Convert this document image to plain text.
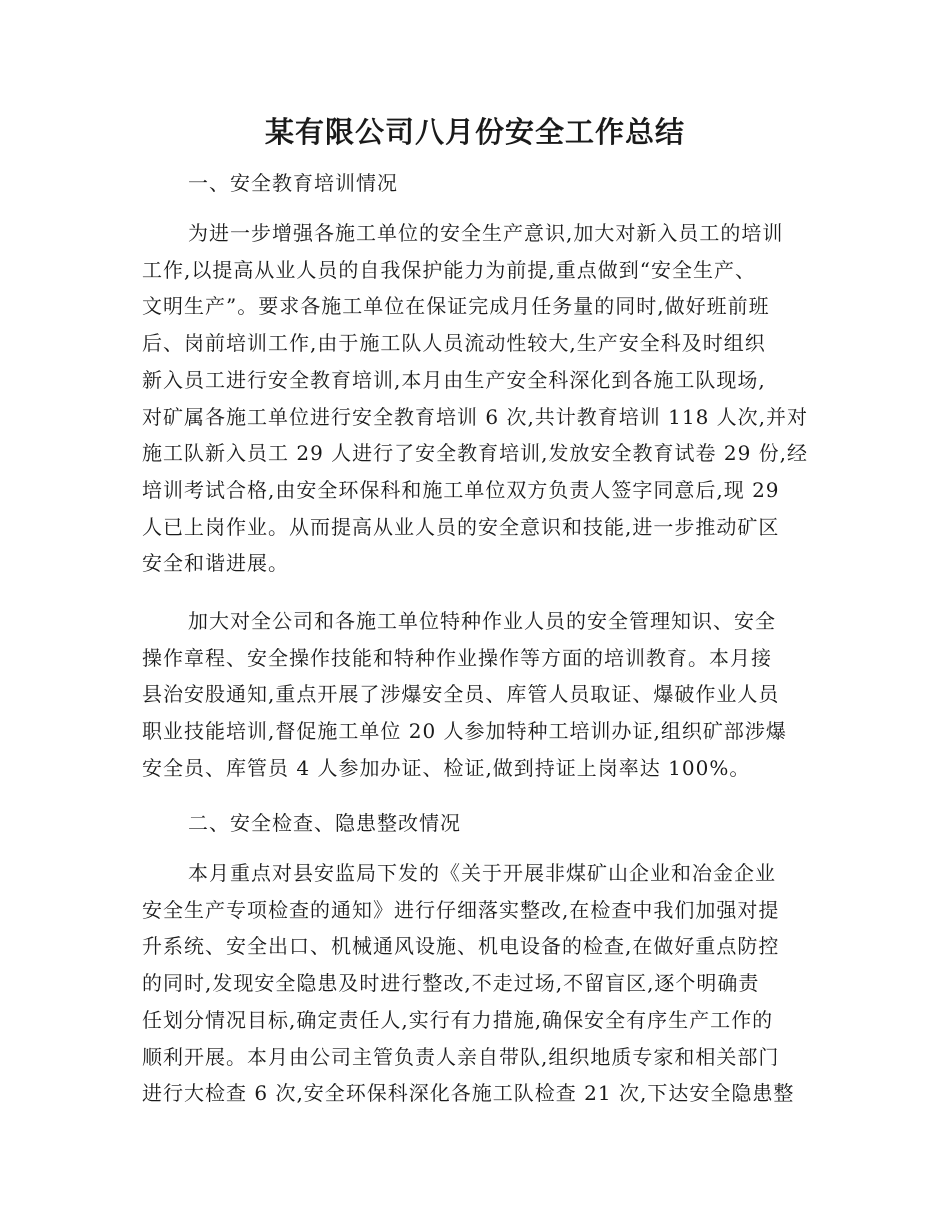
某有限公司八月份安全工作总结
一、安全教育培训情况

为进一步增强各施工单位的安全生产意识,加大对新入员工的培训
工作,以提高从业人员的自我保护能力为前提,重点做到“安全生产、
文明生产”。要求各施工单位在保证完成月任务量的同时,做好班前班
后、岗前培训工作,由于施工队人员流动性较大,生产安全科及时组织
新入员工进行安全教育培训,本月由生产安全科深化到各施工队现场,
对矿属各施工单位进行安全教育培训 6 次,共计教育培训 118 人次,并对
施工队新入员工 29 人进行了安全教育培训,发放安全教育试卷 29 份,经
培训考试合格,由安全环保科和施工单位双方负责人签字同意后,现 29
人已上岗作业。从而提高从业人员的安全意识和技能,进一步推动矿区
安全和谐进展。

加大对全公司和各施工单位特种作业人员的安全管理知识、安全
操作章程、安全操作技能和特种作业操作等方面的培训教育。本月接
县治安股通知,重点开展了涉爆安全员、库管人员取证、爆破作业人员
职业技能培训,督促施工单位 20 人参加特种工培训办证,组织矿部涉爆
安全员、库管员 4 人参加办证、检证,做到持证上岗率达 100%。

二、安全检查、隐患整改情况

本月重点对县安监局下发的《关于开展非煤矿山企业和冶金企业
安全生产专项检查的通知》进行仔细落实整改,在检查中我们加强对提
升系统、安全出口、机械通风设施、机电设备的检查,在做好重点防控
的同时,发现安全隐患及时进行整改,不走过场,不留盲区,逐个明确责
任划分情况目标,确定责任人,实行有力措施,确保安全有序生产工作的
顺利开展。本月由公司主管负责人亲自带队,组织地质专家和相关部门
进行大检查 6 次,安全环保科深化各施工队检查 21 次,下达安全隐患整
